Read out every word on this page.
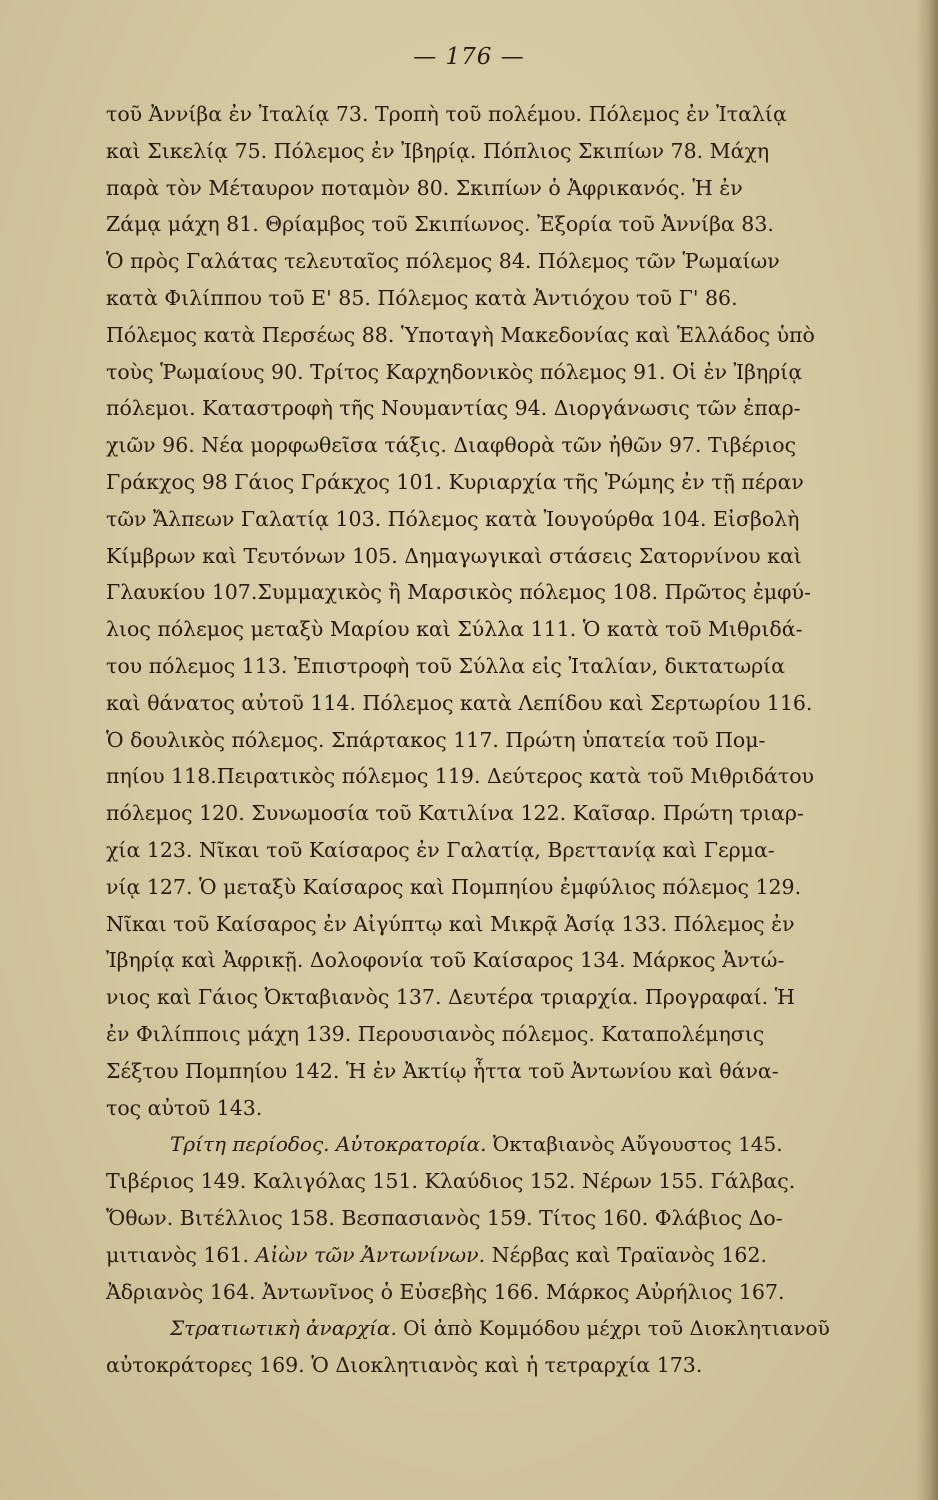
— 176 —
τοῦ Ἀννίβα ἐν Ἰταλίᾳ 73. Τροπὴ τοῦ πολέμου. Πόλεμος ἐν Ἰταλίᾳ
καὶ Σικελίᾳ 75. Πόλεμος ἐν Ἰβηρίᾳ. Πόπλιος Σκιπίων 78. Μάχη
παρὰ τὸν Μέταυρον ποταμὸν 80. Σκιπίων ὁ Ἀφρικανός. Ἡ ἐν
Ζάμᾳ μάχη 81. Θρίαμβος τοῦ Σκιπίωνος. Ἐξορία τοῦ Ἀννίβα 83.
Ὁ πρὸς Γαλάτας τελευταῖος πόλεμος 84. Πόλεμος τῶν Ῥωμαίων
κατὰ Φιλίππου τοῦ Ε' 85. Πόλεμος κατὰ Ἀντιόχου τοῦ Γ' 86.
Πόλεμος κατὰ Περσέως 88. Ὑποταγὴ Μακεδονίας καὶ Ἑλλάδος ὑπὸ
τοὺς Ῥωμαίους 90. Τρίτος Καρχηδονικὸς πόλεμος 91. Οἱ ἐν Ἰβηρίᾳ
πόλεμοι. Καταστροφὴ τῆς Νουμαντίας 94. Διοργάνωσις τῶν ἐπαρ-
χιῶν 96. Νέα μορφωθεῖσα τάξις. Διαφθορὰ τῶν ἠθῶν 97. Τιβέριος
Γράκχος 98 Γάιος Γράκχος 101. Κυριαρχία τῆς Ῥώμης ἐν τῇ πέραν
τῶν Ἄλπεων Γαλατίᾳ 103. Πόλεμος κατὰ Ἰουγούρθα 104. Εἰσβολὴ
Κίμβρων καὶ Τευτόνων 105. Δημαγωγικαὶ στάσεις Σατορνίνου καὶ
Γλαυκίου 107.Συμμαχικὸς ἢ Μαρσικὸς πόλεμος 108. Πρῶτος ἐμφύ-
λιος πόλεμος μεταξὺ Μαρίου καὶ Σύλλα 111. Ὁ κατὰ τοῦ Μιθριδά-
του πόλεμος 113. Ἐπιστροφὴ τοῦ Σύλλα εἰς Ἰταλίαν, δικτατωρία
καὶ θάνατος αὐτοῦ 114. Πόλεμος κατὰ Λεπίδου καὶ Σερτωρίου 116.
Ὁ δουλικὸς πόλεμος. Σπάρτακος 117. Πρώτη ὑπατεία τοῦ Πομ-
πηίου 118.Πειρατικὸς πόλεμος 119. Δεύτερος κατὰ τοῦ Μιθριδάτου
πόλεμος 120. Συνωμοσία τοῦ Κατιλίνα 122. Καῖσαρ. Πρώτη τριαρ-
χία 123. Νῖκαι τοῦ Καίσαρος ἐν Γαλατίᾳ, Βρεττανίᾳ καὶ Γερμα-
νίᾳ 127. Ὁ μεταξὺ Καίσαρος καὶ Πομπηίου ἐμφύλιος πόλεμος 129.
Νῖκαι τοῦ Καίσαρος ἐν Αἰγύπτῳ καὶ Μικρᾷ Ἀσίᾳ 133. Πόλεμος ἐν
Ἰβηρίᾳ καὶ Ἀφρικῇ. Δολοφονία τοῦ Καίσαρος 134. Μάρκος Ἀντώ-
νιος καὶ Γάιος Ὀκταβιανὸς 137. Δευτέρα τριαρχία. Προγραφαί. Ἡ
ἐν Φιλίπποις μάχη 139. Περουσιανὸς πόλεμος. Καταπολέμησις
Σέξτου Πομπηίου 142. Ἡ ἐν Ἀκτίῳ ἧττα τοῦ Ἀντωνίου καὶ θάνα-
τος αὐτοῦ 143.
Τρίτη περίοδος. Αὐτοκρατορία. Ὀκταβιανὸς Αὔγουστος 145.
Τιβέριος 149. Καλιγόλας 151. Κλαύδιος 152. Νέρων 155. Γάλβας.
Ὄθων. Βιτέλλιος 158. Βεσπασιανὸς 159. Τίτος 160. Φλάβιος Δο-
μιτιανὸς 161. Αἰὼν τῶν Ἀντωνίνων. Νέρβας καὶ Τραϊανὸς 162.
Ἀδριανὸς 164. Ἀντωνῖνος ὁ Εὐσεβὴς 166. Μάρκος Αὐρήλιος 167.
Στρατιωτικὴ ἀναρχία. Οἱ ἀπὸ Κομμόδου μέχρι τοῦ Διοκλητιανοῦ
αὐτοκράτορες 169. Ὁ Διοκλητιανὸς καὶ ἡ τετραρχία 173.
